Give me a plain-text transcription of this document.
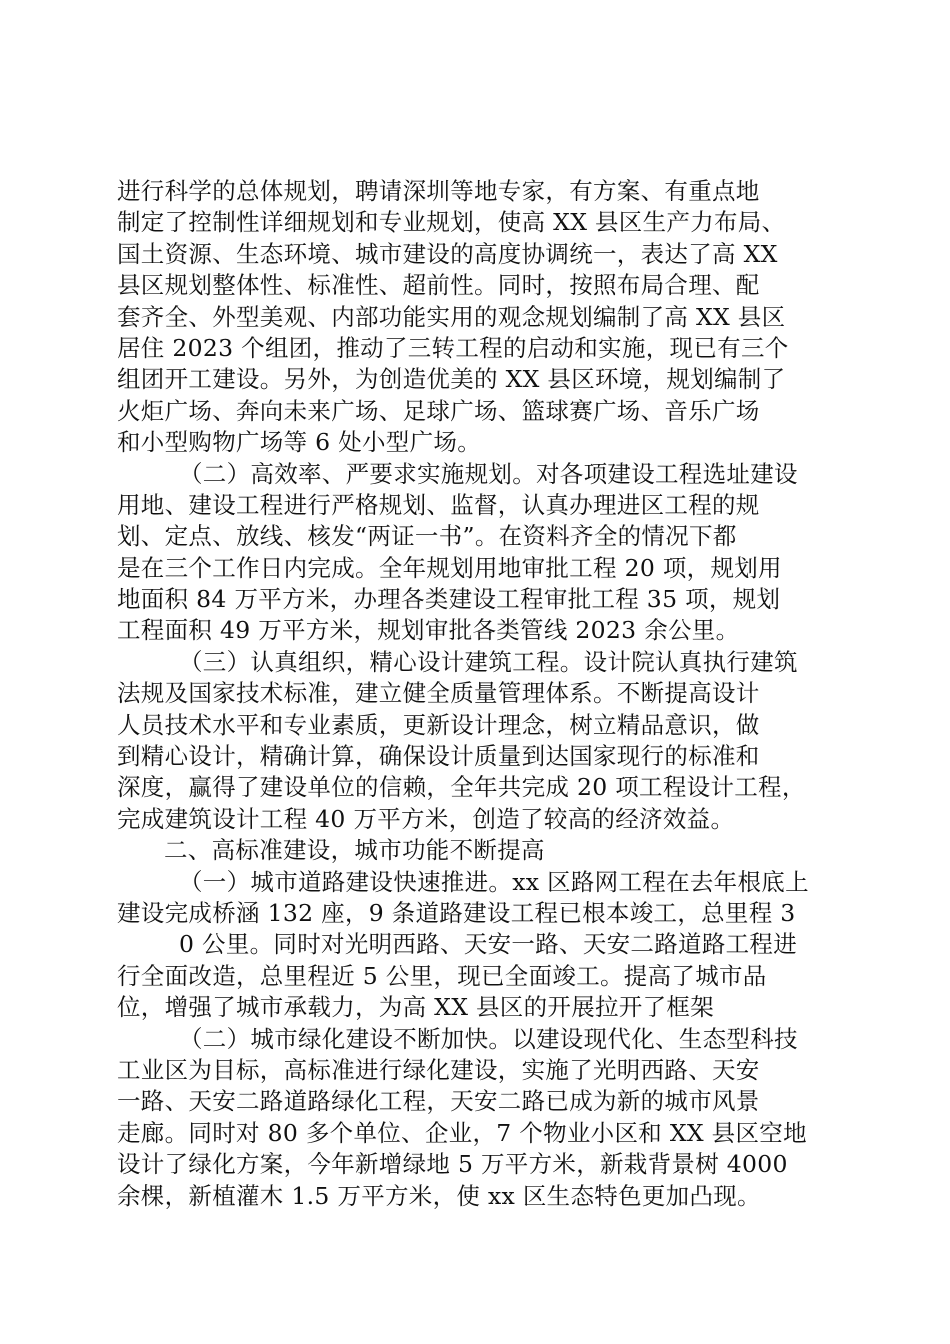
进行科学的总体规划，聘请深圳等地专家，有方案、有重点地
制定了控制性详细规划和专业规划，使高 XX 县区生产力布局、
国土资源、生态环境、城市建设的高度协调统一，表达了高 XX
县区规划整体性、标准性、超前性。同时，按照布局合理、配
套齐全、外型美观、内部功能实用的观念规划编制了高 XX 县区
居住 2023 个组团，推动了三转工程的启动和实施，现已有三个
组团开工建设。另外，为创造优美的 XX 县区环境，规划编制了
火炬广场、奔向未来广场、足球广场、篮球赛广场、音乐广场
和小型购物广场等 6 处小型广场。
（二）高效率、严要求实施规划。对各项建设工程选址建设
用地、建设工程进行严格规划、监督，认真办理进区工程的规
划、定点、放线、核发“两证一书”。在资料齐全的情况下都
是在三个工作日内完成。全年规划用地审批工程 20 项，规划用
地面积 84 万平方米，办理各类建设工程审批工程 35 项，规划
工程面积 49 万平方米，规划审批各类管线 2023 余公里。
（三）认真组织，精心设计建筑工程。设计院认真执行建筑
法规及国家技术标准，建立健全质量管理体系。不断提高设计
人员技术水平和专业素质，更新设计理念，树立精品意识，做
到精心设计，精确计算，确保设计质量到达国家现行的标准和
深度，赢得了建设单位的信赖，全年共完成 20 项工程设计工程，
完成建筑设计工程 40 万平方米，创造了较高的经济效益。
二、高标准建设，城市功能不断提高
（一）城市道路建设快速推进。xx 区路网工程在去年根底上
建设完成桥涵 132 座，9 条道路建设工程已根本竣工，总里程 3
0 公里。同时对光明西路、天安一路、天安二路道路工程进
行全面改造，总里程近 5 公里，现已全面竣工。提高了城市品
位，增强了城市承载力，为高 XX 县区的开展拉开了框架
（二）城市绿化建设不断加快。以建设现代化、生态型科技
工业区为目标，高标准进行绿化建设，实施了光明西路、天安
一路、天安二路道路绿化工程，天安二路已成为新的城市风景
走廊。同时对 80 多个单位、企业，7 个物业小区和 XX 县区空地
设计了绿化方案，今年新增绿地 5 万平方米，新栽背景树 4000
余棵，新植灌木 1.5 万平方米，使 xx 区生态特色更加凸现。
